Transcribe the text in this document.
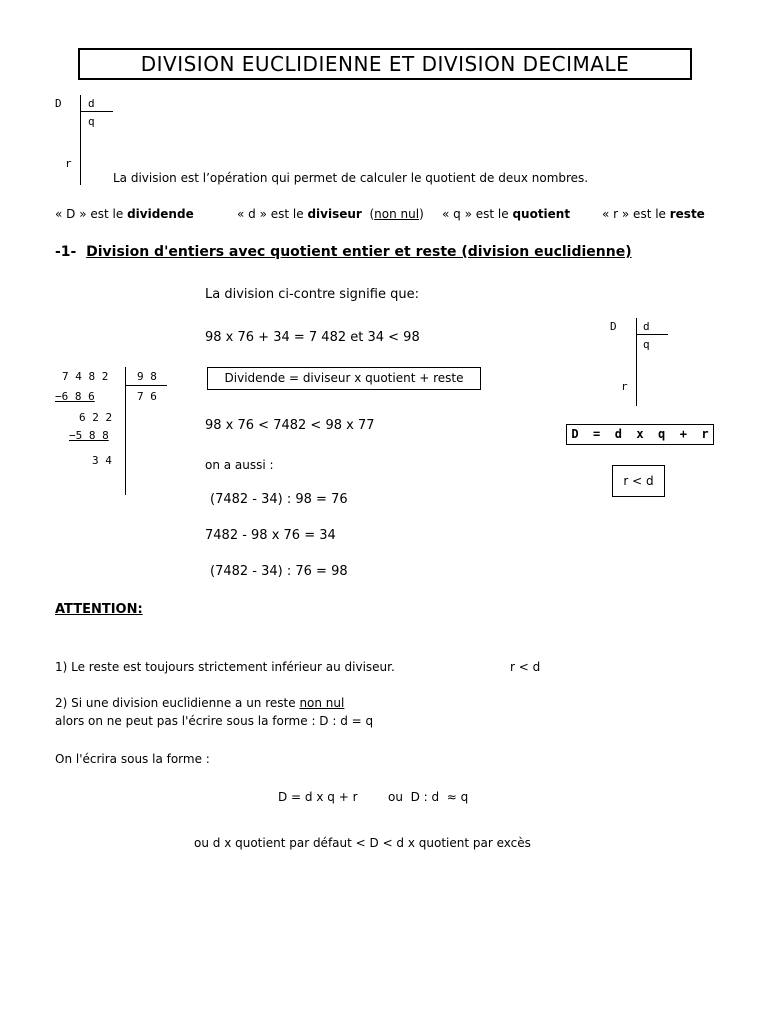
DIVISION EUCLIDIENNE ET DIVISION DECIMALE
D d
q
r
La division est l’opération qui permet de calculer le quotient de deux nombres.
« D » est le dividende	« d » est le diviseur  (non nul) « q » est le quotient	« r » est le reste
-1- Division d'entiers avec quotient entier et reste (division euclidienne)
La division ci-contre signifie que:
98 x 76 + 34 = 7 482 et 34 < 98
Dividende = diviseur x quotient + reste
98 x 76 < 7482 < 98 x 77
on a aussi :
(7482 - 34) : 98 = 76
7482 - 98 x 76 = 34
(7482 - 34) : 76 = 98
7 4 8 2	9 8
−6 8 6	7 6
6 2 2
−5 8 8
3 4
D d
q
r
D  =  d  x  q  +  r
r < d
ATTENTION:
1) Le reste est toujours strictement inférieur au diviseur.	r < d
2) Si une division euclidienne a un reste non nul
alors on ne peut pas l'écrire sous la forme : D : d = q
On l'écrira sous la forme :
D = d x q + r        ou  D : d  ≈ q
ou d x quotient par défaut < D < d x quotient par excès
